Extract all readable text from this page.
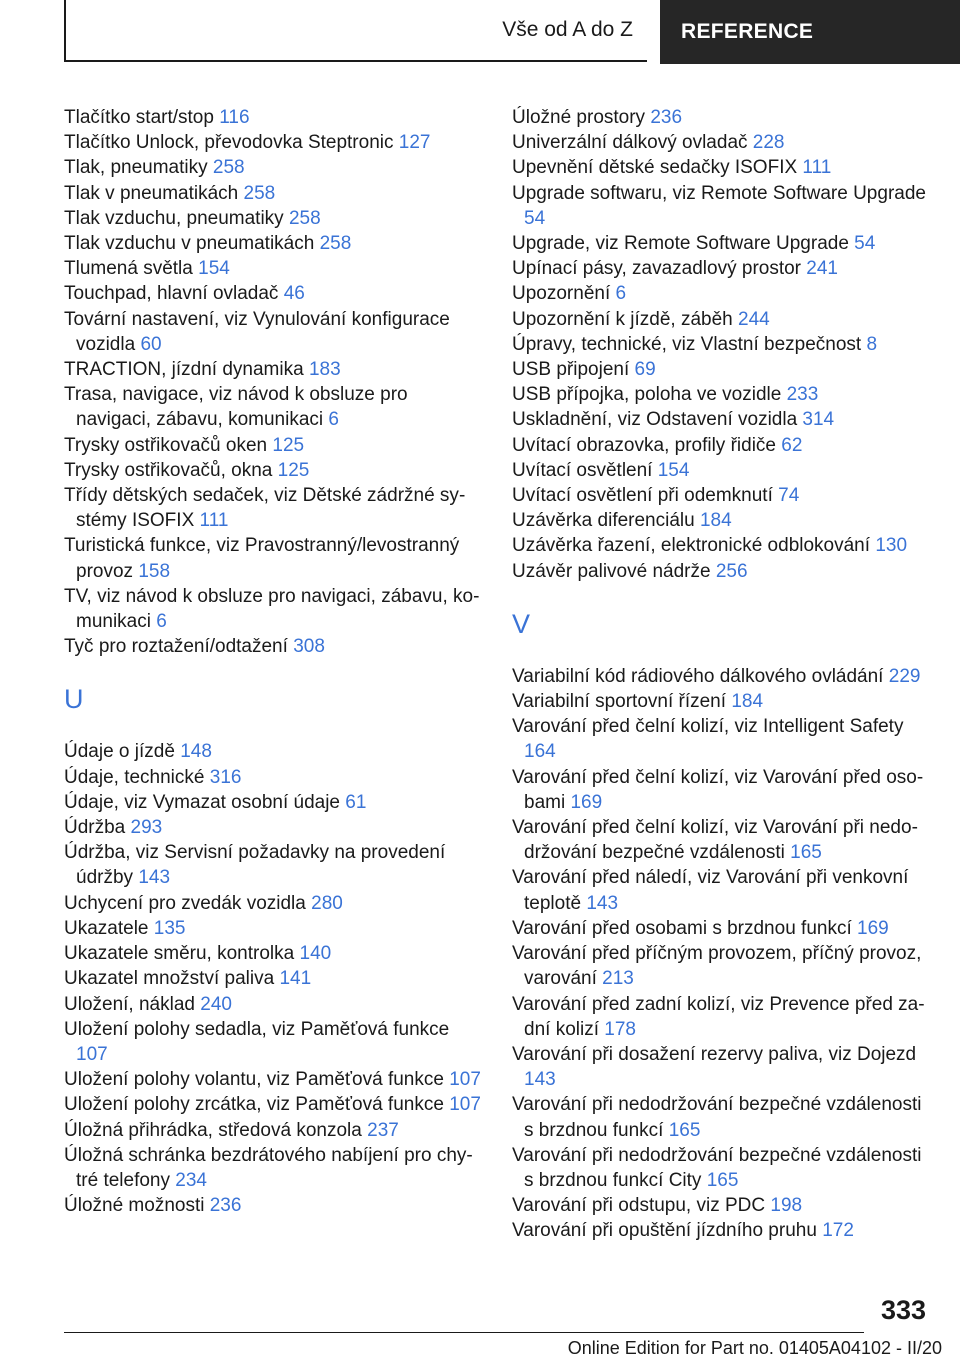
Vše od A do Z	REFERENCE
Tlačítko start/stop 116
Tlačítko Unlock, převodovka Steptronic 127
Tlak, pneumatiky 258
Tlak v pneumatikách 258
Tlak vzduchu, pneumatiky 258
Tlak vzduchu v pneumatikách 258
Tlumená světla 154
Touchpad, hlavní ovladač 46
Tovární nastavení, viz Vynulování konfigurace vozidla 60
TRACTION, jízdní dynamika 183
Trasa, navigace, viz návod k obsluze pro navigaci, zábavu, komunikaci 6
Trysky ostřikovačů oken 125
Trysky ostřikovačů, okna 125
Třídy dětských sedaček, viz Dětské zádržné systémy ISOFIX 111
Turistická funkce, viz Pravostranný/levostranný provoz 158
TV, viz návod k obsluze pro navigaci, zábavu, komunikaci 6
Tyč pro roztažení/odtažení 308
U
Údaje o jízdě 148
Údaje, technické 316
Údaje, viz Vymazat osobní údaje 61
Údržba 293
Údržba, viz Servisní požadavky na provedení údržby 143
Uchycení pro zvedák vozidla 280
Ukazatele 135
Ukazatele směru, kontrolka 140
Ukazatel množství paliva 141
Uložení, náklad 240
Uložení polohy sedadla, viz Paměťová funkce 107
Uložení polohy volantu, viz Paměťová funkce 107
Uložení polohy zrcátka, viz Paměťová funkce 107
Úložná přihrádka, středová konzola 237
Úložná schránka bezdrátového nabíjení pro chytré telefony 234
Úložné možnosti 236
Úložné prostory 236
Univerzální dálkový ovladač 228
Upevnění dětské sedačky ISOFIX 111
Upgrade softwaru, viz Remote Software Upgrade 54
Upgrade, viz Remote Software Upgrade 54
Upínací pásy, zavazadlový prostor 241
Upozornění 6
Upozornění k jízdě, záběh 244
Úpravy, technické, viz Vlastní bezpečnost 8
USB připojení 69
USB přípojka, poloha ve vozidle 233
Uskladnění, viz Odstavení vozidla 314
Uvítací obrazovka, profily řidiče 62
Uvítací osvětlení 154
Uvítací osvětlení při odemknutí 74
Uzávěrka diferenciálu 184
Uzávěrka řazení, elektronické odblokování 130
Uzávěr palivové nádrže 256
V
Variabilní kód rádiového dálkového ovládání 229
Variabilní sportovní řízení 184
Varování před čelní kolizí, viz Intelligent Safety 164
Varování před čelní kolizí, viz Varování před osobami 169
Varování před čelní kolizí, viz Varování při nedodržování bezpečné vzdálenosti 165
Varování před náledí, viz Varování při venkovní teplotě 143
Varování před osobami s brzdnou funkcí 169
Varování před příčným provozem, příčný provoz, varování 213
Varování před zadní kolizí, viz Prevence před zadní kolizí 178
Varování při dosažení rezervy paliva, viz Dojezd 143
Varování při nedodržování bezpečné vzdálenosti s brzdnou funkcí 165
Varování při nedodržování bezpečné vzdálenosti s brzdnou funkcí City 165
Varování při odstupu, viz PDC 198
Varování při opuštění jízdního pruhu 172
333
Online Edition for Part no. 01405A04102 - II/20
